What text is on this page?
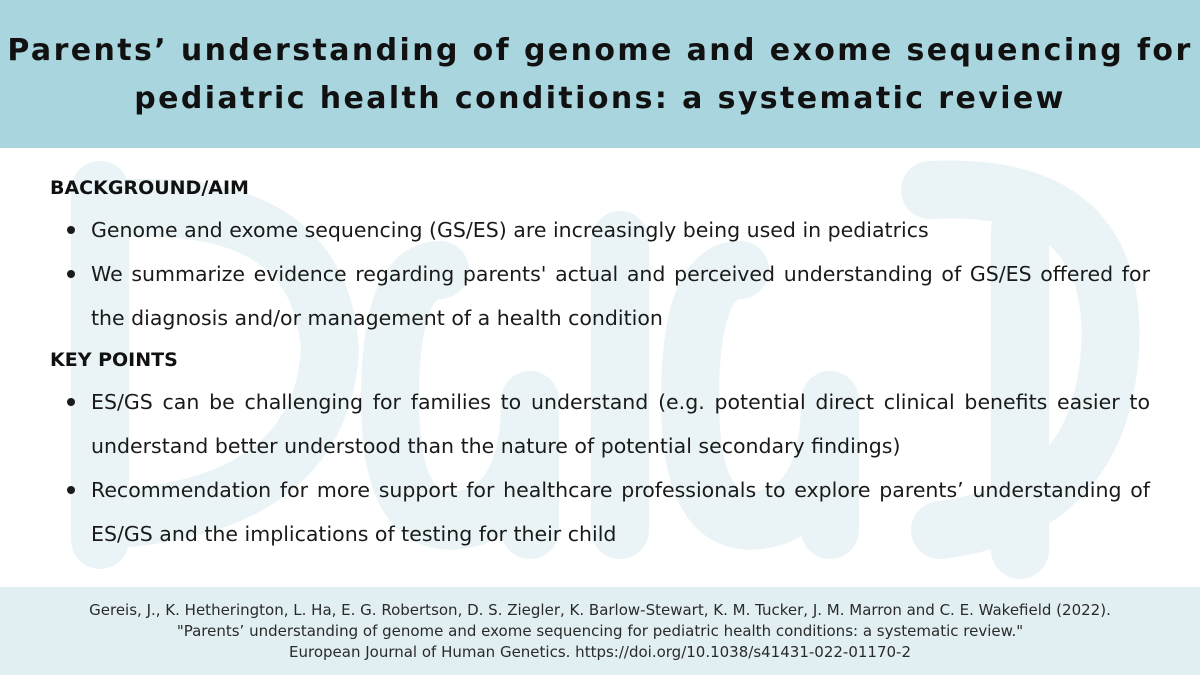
Parents’ understanding of genome and exome sequencing for
pediatric health conditions: a systematic review
BACKGROUND/AIM
Genome and exome sequencing (GS/ES) are increasingly being used in pediatrics
We summarize evidence regarding parents' actual and perceived understanding of GS/ES offered for the diagnosis and/or management of a health condition
KEY POINTS
ES/GS can be challenging for families to understand (e.g. potential direct clinical benefits easier to understand better understood than the nature of potential secondary findings)
Recommendation for more support for healthcare professionals to explore parents’ understanding of ES/GS and the implications of testing for their child
Gereis, J., K. Hetherington, L. Ha, E. G. Robertson, D. S. Ziegler, K. Barlow-Stewart, K. M. Tucker, J. M. Marron and C. E. Wakefield (2022).
"Parents’ understanding of genome and exome sequencing for pediatric health conditions: a systematic review."
European Journal of Human Genetics. https://doi.org/10.1038/s41431-022-01170-2
